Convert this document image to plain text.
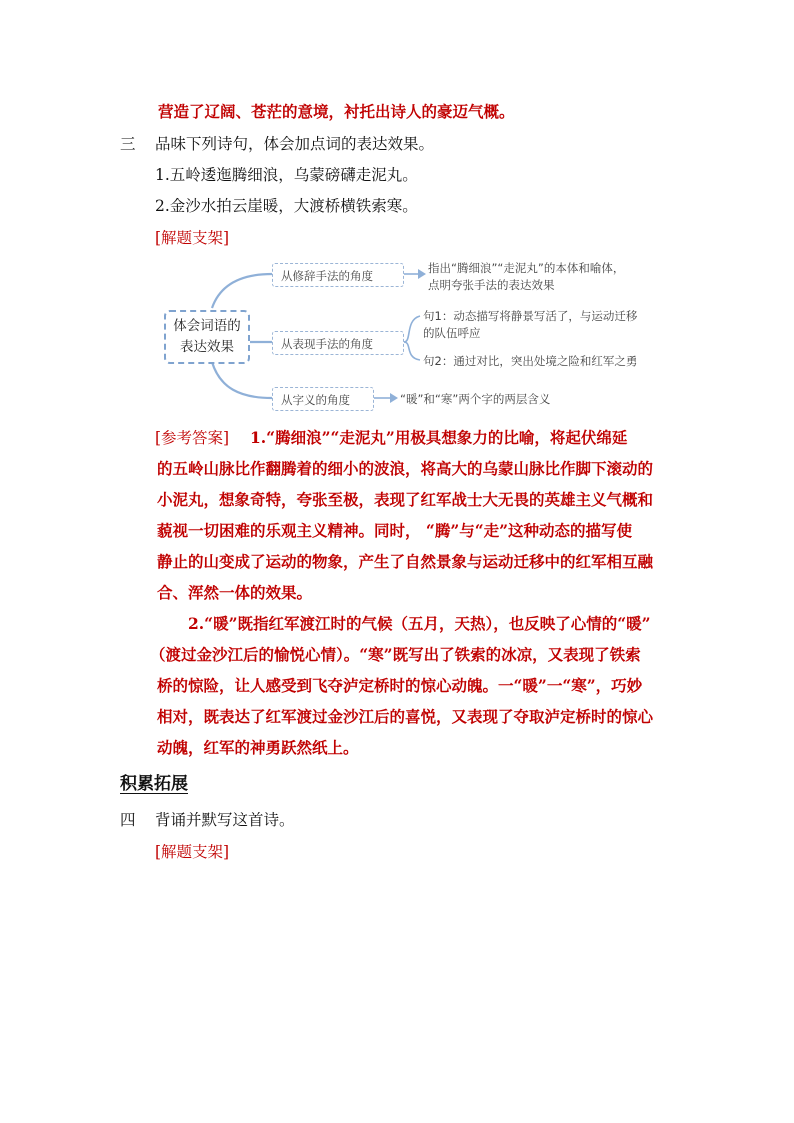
营造了辽阔、苍茫的意境，衬托出诗人的豪迈气概。
三 品味下列诗句，体会加点词的表达效果。
1.五岭逶迤腾细浪，乌蒙磅礴走泥丸。
2.金沙水拍云崖暖，大渡桥横铁索寒。
[解题支架]
体会词语的
表达效果
从修辞手法的角度
从表现手法的角度
从字义的角度
指出“腾细浪”“走泥丸”的本体和喻体，
点明夸张手法的表达效果
句1：动态描写将静景写活了，与运动迁移
的队伍呼应
句2：通过对比，突出处境之险和红军之勇
“暖”和“寒”两个字的两层含义
[参考答案] 1.“腾细浪”“走泥丸”用极具想象力的比喻，将起伏绵延
的五岭山脉比作翻腾着的细小的波浪，将高大的乌蒙山脉比作脚下滚动的
小泥丸，想象奇特，夸张至极，表现了红军战士大无畏的英雄主义气概和
藐视一切困难的乐观主义精神。同时， “腾”与“走”这种动态的描写使
静止的山变成了运动的物象，产生了自然景象与运动迁移中的红军相互融
合、浑然一体的效果。
2.“暖”既指红军渡江时的气候（五月，天热），也反映了心情的“暖”
（渡过金沙江后的愉悦心情）。“寒”既写出了铁索的冰凉，又表现了铁索
桥的惊险，让人感受到飞夺泸定桥时的惊心动魄。一“暖”一“寒”，巧妙
相对，既表达了红军渡过金沙江后的喜悦，又表现了夺取泸定桥时的惊心
动魄，红军的神勇跃然纸上。
积累拓展
四 背诵并默写这首诗。
[解题支架]
